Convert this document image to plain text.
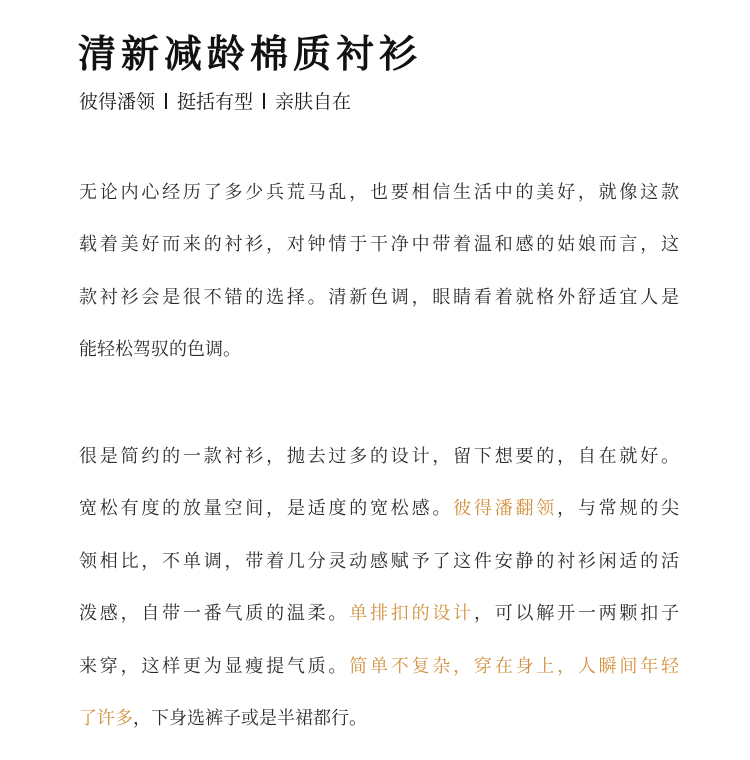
清新减龄棉质衬衫
彼得潘领 挺括有型 亲肤自在
无论内心经历了多少兵荒马乱，也要相信生活中的美好，就像这款
载着美好而来的衬衫，对钟情于干净中带着温和感的姑娘而言，这
款衬衫会是很不错的选择。清新色调，眼睛看着就格外舒适宜人是
能轻松驾驭的色调。
很是简约的一款衬衫，抛去过多的设计，留下想要的，自在就好。
宽松有度的放量空间，是适度的宽松感。彼得潘翻领，与常规的尖
领相比，不单调，带着几分灵动感赋予了这件安静的衬衫闲适的活
泼感，自带一番气质的温柔。单排扣的设计，可以解开一两颗扣子
来穿，这样更为显瘦提气质。简单不复杂，穿在身上，人瞬间年轻
了许多，下身选裤子或是半裙都行。
